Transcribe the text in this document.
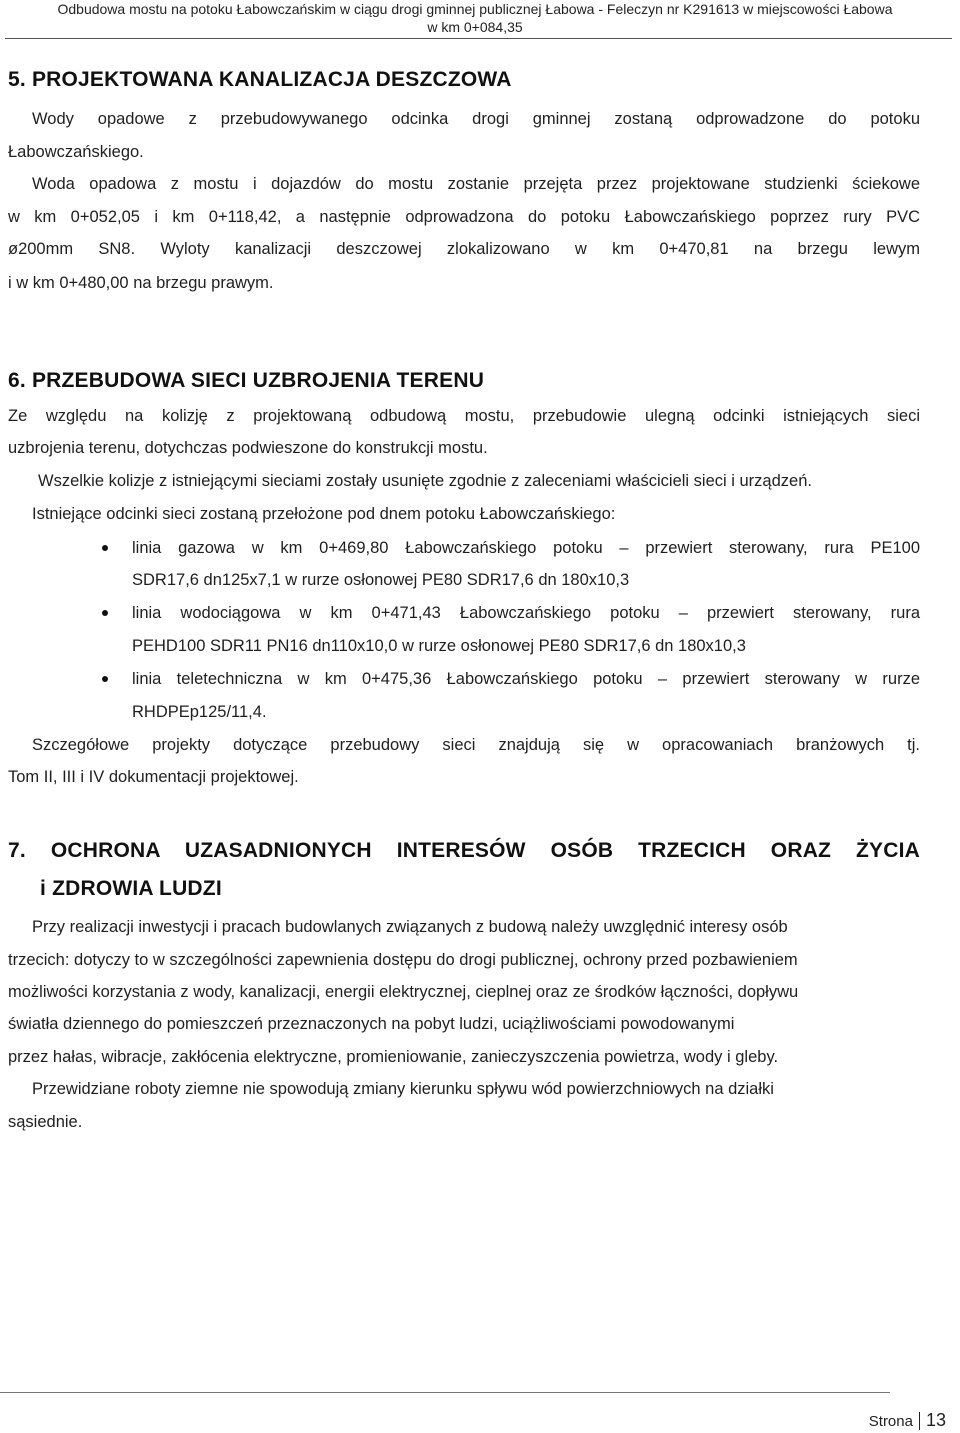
Odbudowa mostu na potoku Łabowczańskim w ciągu drogi gminnej publicznej Łabowa - Feleczyn nr K291613 w miejscowości Łabowa
w km 0+084,35
5. PROJEKTOWANA KANALIZACJA DESZCZOWA
Wody opadowe z przebudowywanego odcinka drogi gminnej zostaną odprowadzone do potoku
Łabowczańskiego.
Woda opadowa z mostu i dojazdów do mostu zostanie przejęta przez projektowane studzienki ściekowe
w km 0+052,05 i km 0+118,42, a następnie odprowadzona do potoku Łabowczańskiego poprzez rury PVC
ø200mm SN8. Wyloty kanalizacji deszczowej zlokalizowano w km 0+470,81 na brzegu lewym
i w km 0+480,00 na brzegu prawym.
6. PRZEBUDOWA SIECI UZBROJENIA TERENU
Ze względu na kolizję z projektowaną odbudową mostu, przebudowie ulegną odcinki istniejących sieci
uzbrojenia terenu, dotychczas podwieszone do konstrukcji mostu.
Wszelkie kolizje z istniejącymi sieciami zostały usunięte zgodnie z zaleceniami właścicieli sieci i urządzeń.
Istniejące odcinki sieci zostaną przełożone pod dnem potoku Łabowczańskiego:
linia gazowa w km 0+469,80 Łabowczańskiego potoku – przewiert sterowany, rura PE100
SDR17,6 dn125x7,1 w rurze osłonowej PE80 SDR17,6 dn 180x10,3
linia wodociągowa w km 0+471,43 Łabowczańskiego potoku – przewiert sterowany, rura
PEHD100 SDR11 PN16 dn110x10,0 w rurze osłonowej PE80 SDR17,6 dn 180x10,3
linia teletechniczna w km 0+475,36 Łabowczańskiego potoku – przewiert sterowany w rurze
RHDPEp125/11,4.
Szczegółowe projekty dotyczące przebudowy sieci znajdują się w opracowaniach branżowych tj.
Tom II, III i IV dokumentacji projektowej.
7. OCHRONA UZASADNIONYCH INTERESÓW OSÓB TRZECICH ORAZ ŻYCIA
i ZDROWIA LUDZI
Przy realizacji inwestycji i pracach budowlanych związanych z budową należy uwzględnić interesy osób
trzecich: dotyczy to w szczególności zapewnienia dostępu do drogi publicznej, ochrony przed pozbawieniem
możliwości korzystania z wody, kanalizacji, energii elektrycznej, cieplnej oraz ze środków łączności, dopływu
światła dziennego do pomieszczeń przeznaczonych na pobyt ludzi, uciążliwościami powodowanymi
przez hałas, wibracje, zakłócenia elektryczne, promieniowanie, zanieczyszczenia powietrza, wody i gleby.
Przewidziane roboty ziemne nie spowodują zmiany kierunku spływu wód powierzchniowych na działki
sąsiednie.
Strona 13
